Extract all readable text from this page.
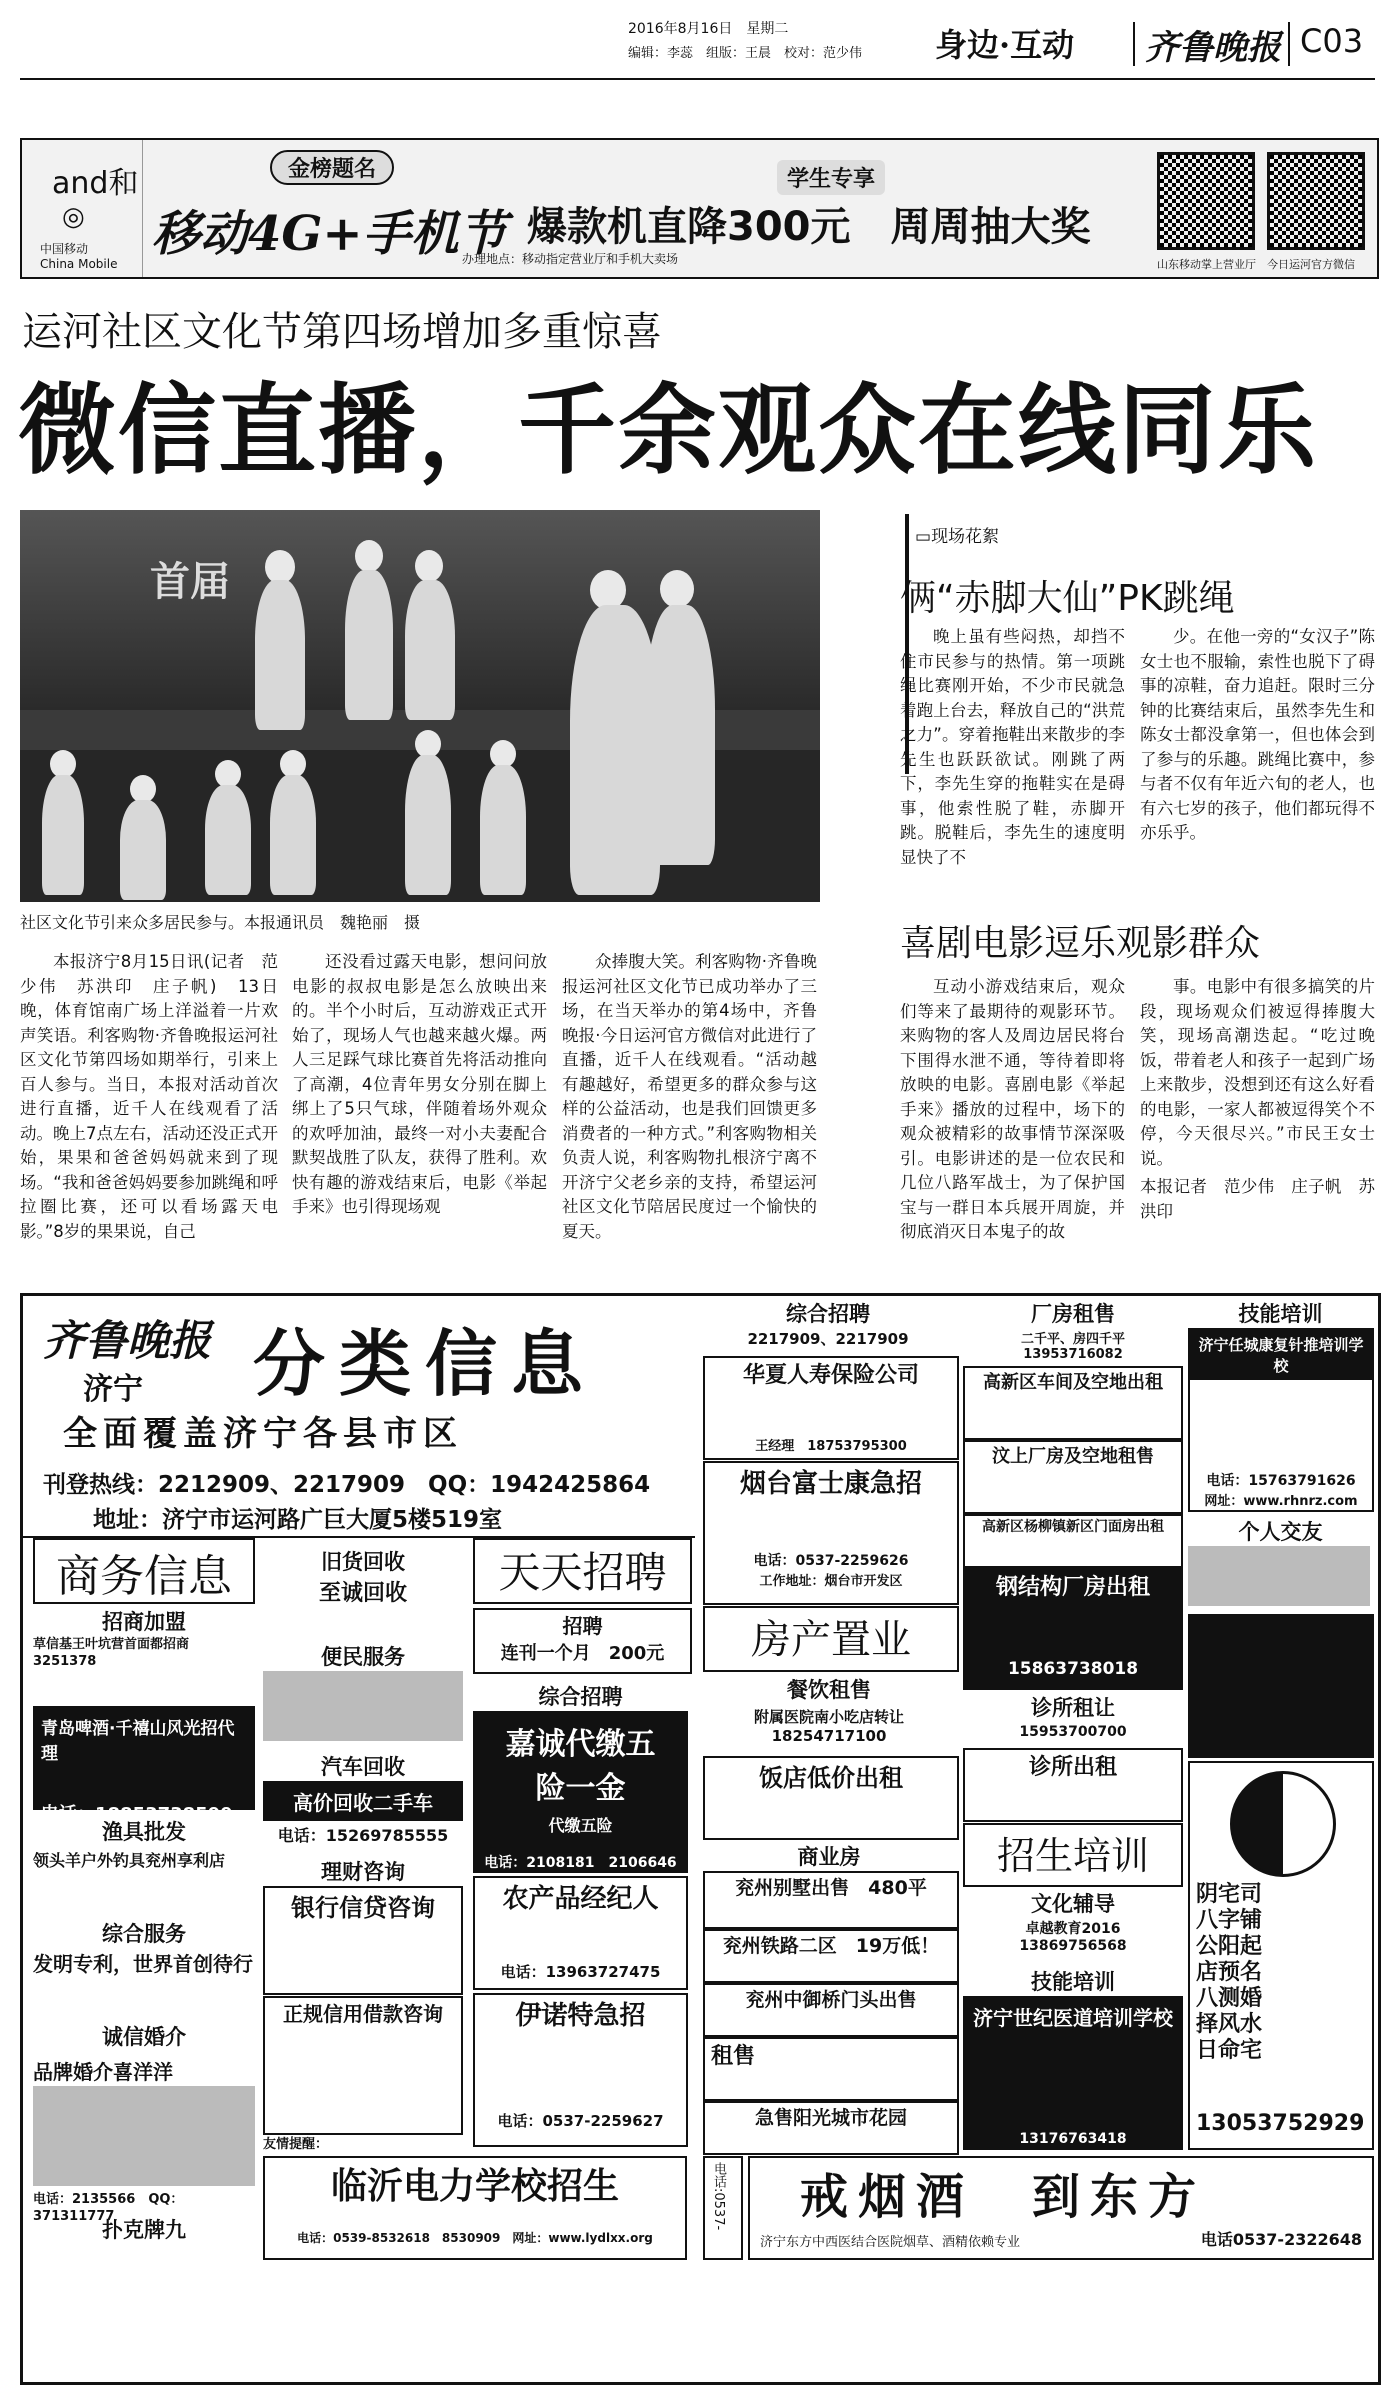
2016年8月16日　星期二
编辑：李蕊　组版：王晨　校对：范少伟 身边·互动 齐鲁晚报 C03
and和
◎
中国移动
China Mobile
金榜题名
移动4G+手机节
学生专享
爆款机直降300元　周周抽大奖
办理地点：移动指定营业厅和手机大卖场	山东移动掌上营业厅 今日运河官方微信
运河社区文化节第四场增加多重惊喜
微信直播，千余观众在线同乐
首届
社区文化节引来众多居民参与。本报通讯员　魏艳丽　摄

本报济宁8月15日讯(记者　范少伟　苏洪印　庄子帆)　13日晚，体育馆南广场上洋溢着一片欢声笑语。利客购物·齐鲁晚报运河社区文化节第四场如期举行，引来上百人参与。当日，本报对活动首次进行直播，近千人在线观看了活动。晚上7点左右，活动还没正式开始，果果和爸爸妈妈就来到了现场。“我和爸爸妈妈要参加跳绳和呼拉圈比赛，还可以看场露天电影。”8岁的果果说，自己

还没看过露天电影，想问问放电影的叔叔电影是怎么放映出来的。半个小时后，互动游戏正式开始了，现场人气也越来越火爆。两人三足踩气球比赛首先将活动推向了高潮，4位青年男女分别在脚上绑上了5只气球，伴随着场外观众的欢呼加油，最终一对小夫妻配合默契战胜了队友，获得了胜利。欢快有趣的游戏结束后，电影《举起手来》也引得现场观

众捧腹大笑。利客购物·齐鲁晚报运河社区文化节已成功举办了三场，在当天举办的第4场中，齐鲁晚报·今日运河官方微信对此进行了直播，近千人在线观看。“活动越有趣越好，希望更多的群众参与这样的公益活动，也是我们回馈更多消费者的一种方式。”利客购物相关负责人说，利客购物扎根济宁离不开济宁父老乡亲的支持，希望运河社区文化节陪居民度过一个愉快的夏天。

▭现场花絮
俩“赤脚大仙”PK跳绳

晚上虽有些闷热，却挡不住市民参与的热情。第一项跳绳比赛刚开始，不少市民就急着跑上台去，释放自己的“洪荒之力”。穿着拖鞋出来散步的李先生也跃跃欲试。刚跳了两下，李先生穿的拖鞋实在是碍事，他索性脱了鞋，赤脚开跳。脱鞋后，李先生的速度明显快了不

少。在他一旁的“女汉子”陈女士也不服输，索性也脱下了碍事的凉鞋，奋力追赶。限时三分钟的比赛结束后，虽然李先生和陈女士都没拿第一，但也体会到了参与的乐趣。跳绳比赛中，参与者不仅有年近六旬的老人，也有六七岁的孩子，他们都玩得不亦乐乎。

喜剧电影逗乐观影群众

互动小游戏结束后，观众们等来了最期待的观影环节。来购物的客人及周边居民将台下围得水泄不通，等待着即将放映的电影。喜剧电影《举起手来》播放的过程中，场下的观众被精彩的故事情节深深吸引。电影讲述的是一位农民和几位八路军战士，为了保护国宝与一群日本兵展开周旋，并彻底消灭日本鬼子的故

事。电影中有很多搞笑的片段，现场观众们被逗得捧腹大笑，现场高潮迭起。“吃过晚饭，带着老人和孩子一起到广场上来散步，没想到还有这么好看的电影，一家人都被逗得笑个不停，今天很尽兴。”市民王女士说。

本报记者　范少伟　庄子帆　苏洪印
齐鲁晚报
济宁 分类信息
全面覆盖济宁各县市区
刊登热线：2212909、2217909　QQ：1942425864
地址：济宁市运河路广巨大厦5楼519室
商务信息
招商加盟
草信基王叶坑营首面都招商
3251378
青岛啤酒·千禧山风光招代理
电话：18853738599
渔具批发
领头羊户外钓具兖州享利店
综合服务
发明专利，世界首创待行
诚信婚介
品牌婚介喜洋洋
电话：2135566　QQ：371311777
扑克牌九
旧货回收
至诚回收
便民服务
汽车回收
高价回收二手车
电话：15269785555
理财咨询
银行信贷咨询
正规信用借款咨询
友情提醒：
天天招聘
招聘
连刊一个月　200元
综合招聘
嘉诚代缴五险一金
代缴五险
电话：2108181　2106646
农产品经纪人
电话：13963727475
伊诺特急招
电话：0537-2259627
综合招聘
2217909、2217909
华夏人寿保险公司
王经理　18753795300
烟台富士康急招
电话：0537-2259626
工作地址：烟台市开发区
房产置业
餐饮租售
附属医院南小吃店转让
18254717100
饭店低价出租
商业房
兖州别墅出售　480平
兖州铁路二区　19万低！
兖州中御桥门头出售
租售
急售阳光城市花园
厂房租售
二千平、房四千平
13953716082
高新区车间及空地出租
汶上厂房及空地租售
高新区杨柳镇新区门面房出租
钢结构厂房出租
15863738018
诊所租让
15953700700
诊所出租
招生培训
文化辅导
卓越教育2016
13869756568
技能培训
济宁世纪医道培训学校
13176763418
技能培训
济宁任城康复针推培训学校
电话：15763791626
网址：www.rhnrz.com
个人交友
阴宅司
八字铺
公阳起
店预名
八测婚
择风水
日命宅
13053752929
临沂电力学校招生
电话：0539-8532618　8530909　网址：www.lydlxx.org
电话:0537-	戒烟酒　到东方
济宁东方中西医结合医院烟草、酒精依赖专业	电话0537-2322648
